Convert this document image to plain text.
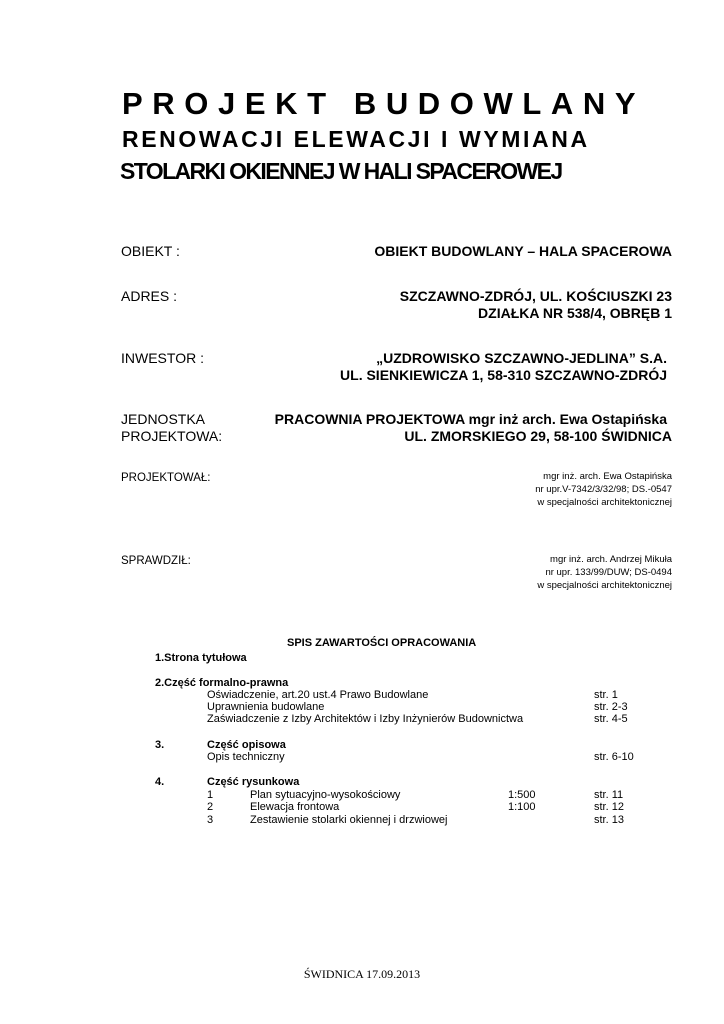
PROJEKT BUDOWLANY
RENOWACJI ELEWACJI I WYMIANA
STOLARKI OKIENNEJ W HALI SPACEROWEJ
OBIEKT :	OBIEKT BUDOWLANY – HALA SPACEROWA
ADRES :	SZCZAWNO-ZDRÓJ, UL. KOŚCIUSZKI 23
DZIAŁKA NR 538/4, OBRĘB 1
INWESTOR :	„UZDROWISKO SZCZAWNO-JEDLINA” S.A.
UL. SIENKIEWICZA 1, 58-310 SZCZAWNO-ZDRÓJ
JEDNOSTKA
PROJEKTOWA:
PRACOWNIA PROJEKTOWA mgr inż arch. Ewa Ostapińska
UL. ZMORSKIEGO 29, 58-100 ŚWIDNICA
PROJEKTOWAŁ:	mgr inż. arch. Ewa Ostapińska
nr upr.V-7342/3/32/98; DS.-0547
w specjalności architektonicznej
SPRAWDZIŁ:	mgr inż. arch. Andrzej Mikuła
nr upr. 133/99/DUW; DS-0494
w specjalności architektonicznej
SPIS ZAWARTOŚCI OPRACOWANIA
1.Strona tytułowa
2.Część formalno-prawna
Oświadczenie, art.20 ust.4 Prawo Budowlane	str. 1
Uprawnienia budowlane	str. 2-3
Zaświadczenie z Izby Architektów i Izby Inżynierów Budownictwa	str. 4-5
3.	Część opisowa
Opis techniczny	str. 6-10
4.	Część rysunkowa
1	Plan sytuacyjno-wysokościowy	1:500	str. 11
2	Elewacja frontowa	1:100	str. 12
3	Zestawienie stolarki okiennej i drzwiowej	str. 13
ŚWIDNICA 17.09.2013
